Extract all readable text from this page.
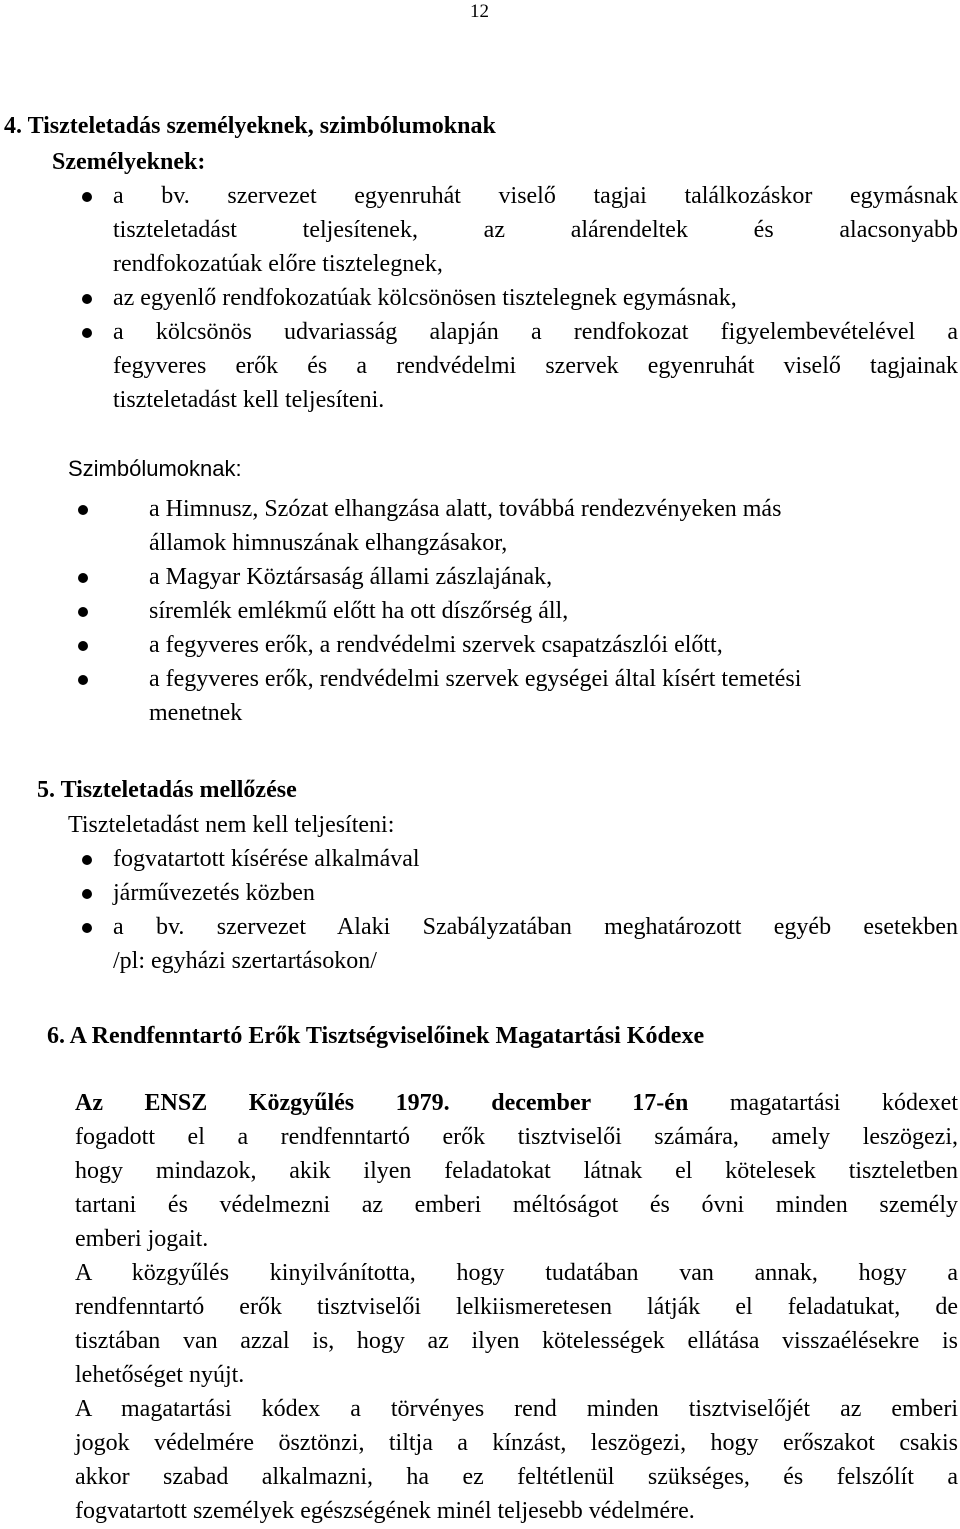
12
4. Tiszteletadás személyeknek, szimbólumoknak
Személyeknek:
a bv. szervezet egyenruhát viselő tagjai találkozáskor egymásnak
tiszteletadást teljesítenek, az alárendeltek és alacsonyabb
rendfokozatúak előre tisztelegnek,
az egyenlő rendfokozatúak kölcsönösen tisztelegnek egymásnak,
a kölcsönös udvariasság alapján a rendfokozat figyelembevételével a
fegyveres erők és a rendvédelmi szervek egyenruhát viselő tagjainak
tiszteletadást kell teljesíteni.
Szimbólumoknak:
a Himnusz, Szózat elhangzása alatt, továbbá rendezvényeken más
államok himnuszának elhangzásakor,
a Magyar Köztársaság állami zászlajának,
síremlék emlékmű előtt ha ott díszőrség áll,
a fegyveres erők, a rendvédelmi szervek csapatzászlói előtt,
a fegyveres erők, rendvédelmi szervek egységei által kísért temetési
menetnek
5. Tiszteletadás mellőzése
Tiszteletadást nem kell teljesíteni:
fogvatartott kísérése alkalmával
járművezetés közben
a bv. szervezet Alaki Szabályzatában meghatározott egyéb esetekben
/pl: egyházi szertartásokon/
6. A Rendfenntartó Erők Tisztségviselőinek Magatartási Kódexe
Az ENSZ Közgyűlés 1979. december 17-én magatartási kódexet
fogadott el a rendfenntartó erők tisztviselői számára, amely leszögezi,
hogy mindazok, akik ilyen feladatokat látnak el kötelesek tiszteletben
tartani és védelmezni az emberi méltóságot és óvni minden személy
emberi jogait.
A közgyűlés kinyilvánította, hogy tudatában van annak, hogy a
rendfenntartó erők tisztviselői lelkiismeretesen látják el feladatukat, de
tisztában van azzal is, hogy az ilyen kötelességek ellátása visszaélésekre is
lehetőséget nyújt.
A magatartási kódex a törvényes rend minden tisztviselőjét az emberi
jogok védelmére ösztönzi, tiltja a kínzást, leszögezi, hogy erőszakot csakis
akkor szabad alkalmazni, ha ez feltétlenül szükséges, és felszólít a
fogvatartott személyek egészségének minél teljesebb védelmére.
